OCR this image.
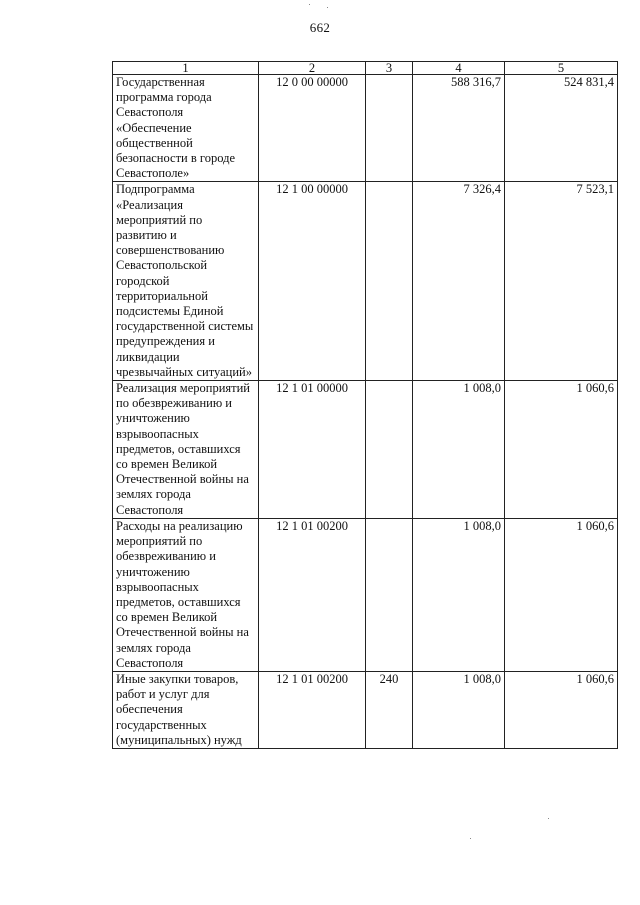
662
1	2	3	4	5
Государственная программа города Севастополя «Обеспечение общественной безопасности в городе Севастополе»	12 0 00 00000		588 316,7	524 831,4
Подпрограмма «Реализация мероприятий по развитию и совершенствованию Севастопольской городской территориальной подсистемы Единой государственной системы предупреждения и ликвидации чрезвычайных ситуаций»	12 1 00 00000		7 326,4	7 523,1
Реализация мероприятий по обезвреживанию и уничтожению взрывоопасных предметов, оставшихся со времен Великой Отечественной войны на землях города Севастополя	12 1 01 00000		1 008,0	1 060,6
Расходы на реализацию мероприятий по обезвреживанию и уничтожению взрывоопасных предметов, оставшихся со времен Великой Отечественной войны на землях города Севастополя	12 1 01 00200		1 008,0	1 060,6
Иные закупки товаров, работ и услуг для обеспечения государственных (муниципальных) нужд	12 1 01 00200	240	1 008,0	1 060,6
